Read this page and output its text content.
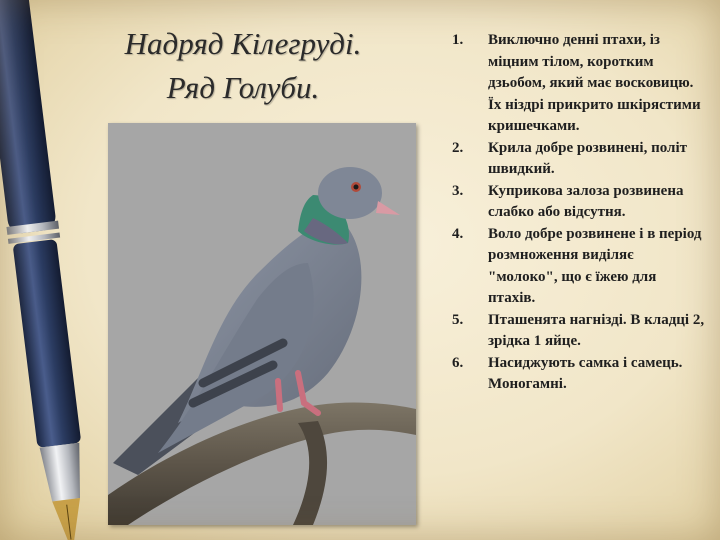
Надряд Кілегруді.
Ряд Голуби.
1. Виключно денні птахи, із міцним тілом, коротким дзьобом, який має восковицю. Їх ніздрі прикрито шкірястими кришечками.
2. Крила добре розвинені, політ швидкий.
3. Куприкова залоза розвинена слабко або відсутня.
4. Воло добре розвинене і в період розмноження виділяє "молоко", що є їжею для птахів.
5. Пташенята нагнізді. В кладці 2, зрідка 1 яйце.
6. Насиджують самка і самець. Моногамні.
